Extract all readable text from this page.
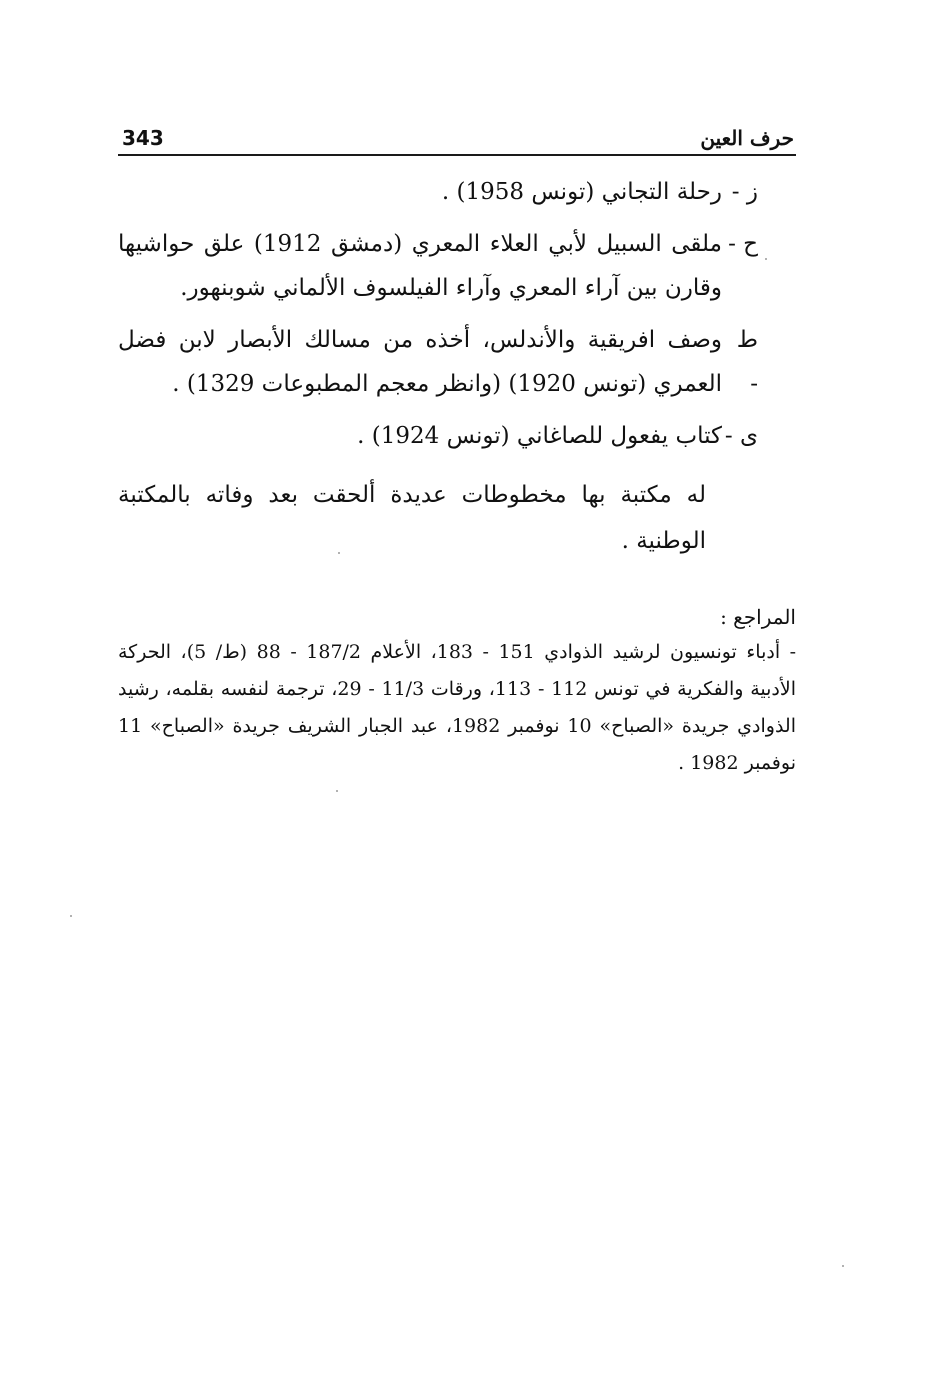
343	حرف العين
ز -
رحلة التجاني (تونس 1958) .
ح -
ملقى السبيل لأبي العلاء المعري (دمشق 1912) علق حواشيها وقارن بين آراء المعري وآراء الفيلسوف الألماني شوبنهور.
ط -
وصف افريقية والأندلس، أخذه من مسالك الأبصار لابن فضل العمري (تونس 1920) (وانظر معجم المطبوعات 1329) .
ى -
كتاب يفعول للصاغاني (تونس 1924) .
له مكتبة بها مخطوطات عديدة ألحقت بعد وفاته بالمكتبة الوطنية .
المراجع :
- أدباء تونسيون لرشيد الذوادي 151 - 183، الأعلام 187/2 - 88 (ط/ 5)، الحركة الأدبية والفكرية في تونس 112 - 113، ورقات 11/3 - 29، ترجمة لنفسه بقلمه، رشيد الذوادي جريدة «الصباح» 10 نوفمبر 1982، عبد الجبار الشريف جريدة «الصباح» 11 نوفمبر 1982 .
